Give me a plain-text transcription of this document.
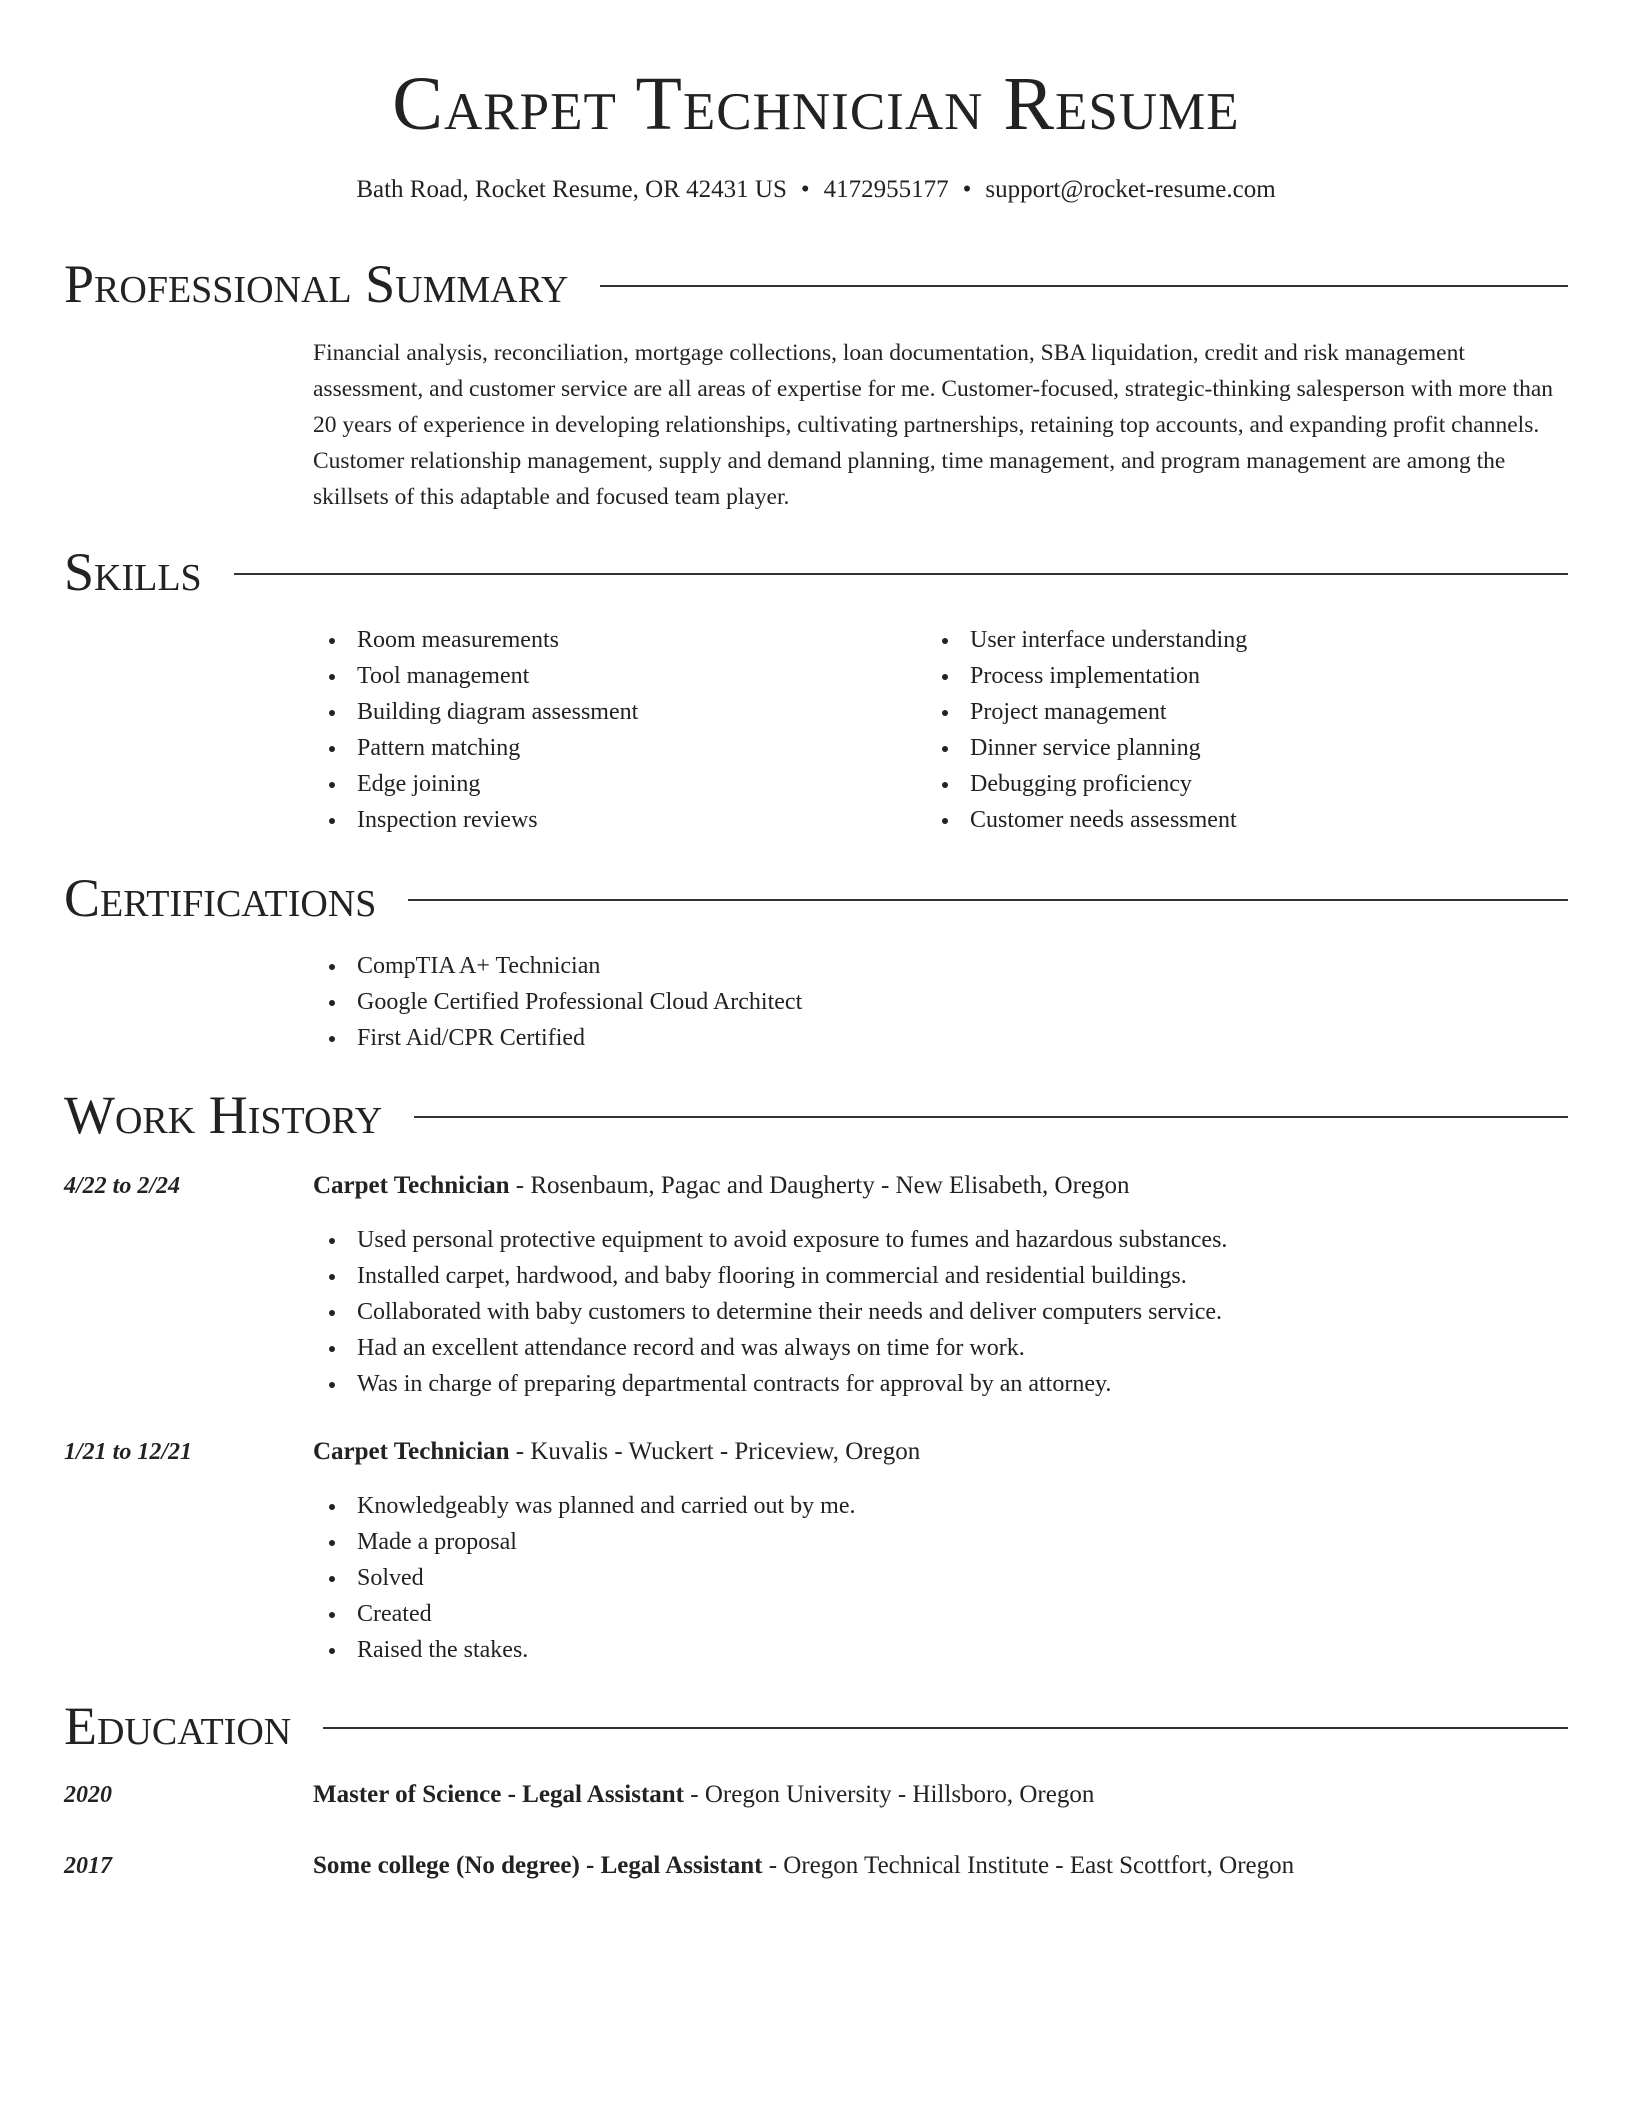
Carpet Technician Resume
Bath Road, Rocket Resume, OR 42431 US • 4172955177 • support@rocket-resume.com
Professional Summary
Financial analysis, reconciliation, mortgage collections, loan documentation, SBA liquidation, credit and risk management assessment, and customer service are all areas of expertise for me. Customer-focused, strategic-thinking salesperson with more than 20 years of experience in developing relationships, cultivating partnerships, retaining top accounts, and expanding profit channels. Customer relationship management, supply and demand planning, time management, and program management are among the skillsets of this adaptable and focused team player.
Skills
Room measurements
Tool management
Building diagram assessment
Pattern matching
Edge joining
Inspection reviews
User interface understanding
Process implementation
Project management
Dinner service planning
Debugging proficiency
Customer needs assessment
Certifications
CompTIA A+ Technician
Google Certified Professional Cloud Architect
First Aid/CPR Certified
Work History
4/22 to 2/24	Carpet Technician - Rosenbaum, Pagac and Daugherty - New Elisabeth, Oregon
Used personal protective equipment to avoid exposure to fumes and hazardous substances.
Installed carpet, hardwood, and baby flooring in commercial and residential buildings.
Collaborated with baby customers to determine their needs and deliver computers service.
Had an excellent attendance record and was always on time for work.
Was in charge of preparing departmental contracts for approval by an attorney.
1/21 to 12/21	Carpet Technician - Kuvalis - Wuckert - Priceview, Oregon
Knowledgeably was planned and carried out by me.
Made a proposal
Solved
Created
Raised the stakes.
Education
2020	Master of Science - Legal Assistant - Oregon University - Hillsboro, Oregon
2017	Some college (No degree) - Legal Assistant - Oregon Technical Institute - East Scottfort, Oregon
